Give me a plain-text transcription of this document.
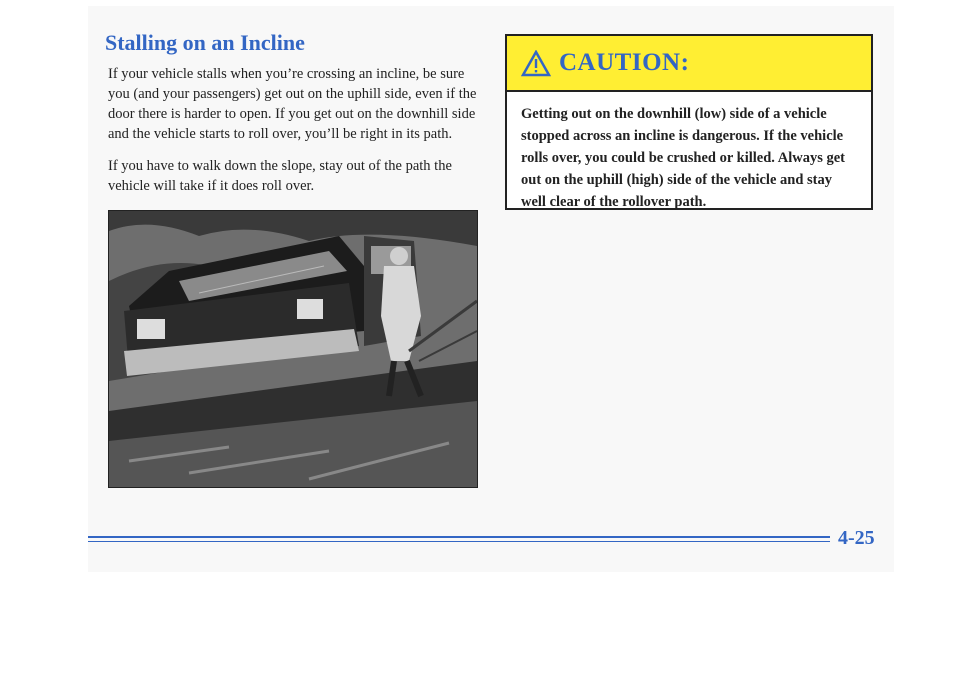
Stalling on an Incline

If your vehicle stalls when you’re crossing an incline, be sure you (and your passengers) get out on the uphill side, even if the door there is harder to open. If you get out on the downhill side and the vehicle starts to roll over, you’ll be right in its path.

If you have to walk down the slope, stay out of the path the vehicle will take if it does roll over.

CAUTION:

Getting out on the downhill (low) side of a vehicle stopped across an incline is dangerous. If the vehicle rolls over, you could be crushed or killed. Always get out on the uphill (high) side of the vehicle and stay well clear of the rollover path.

4-25
